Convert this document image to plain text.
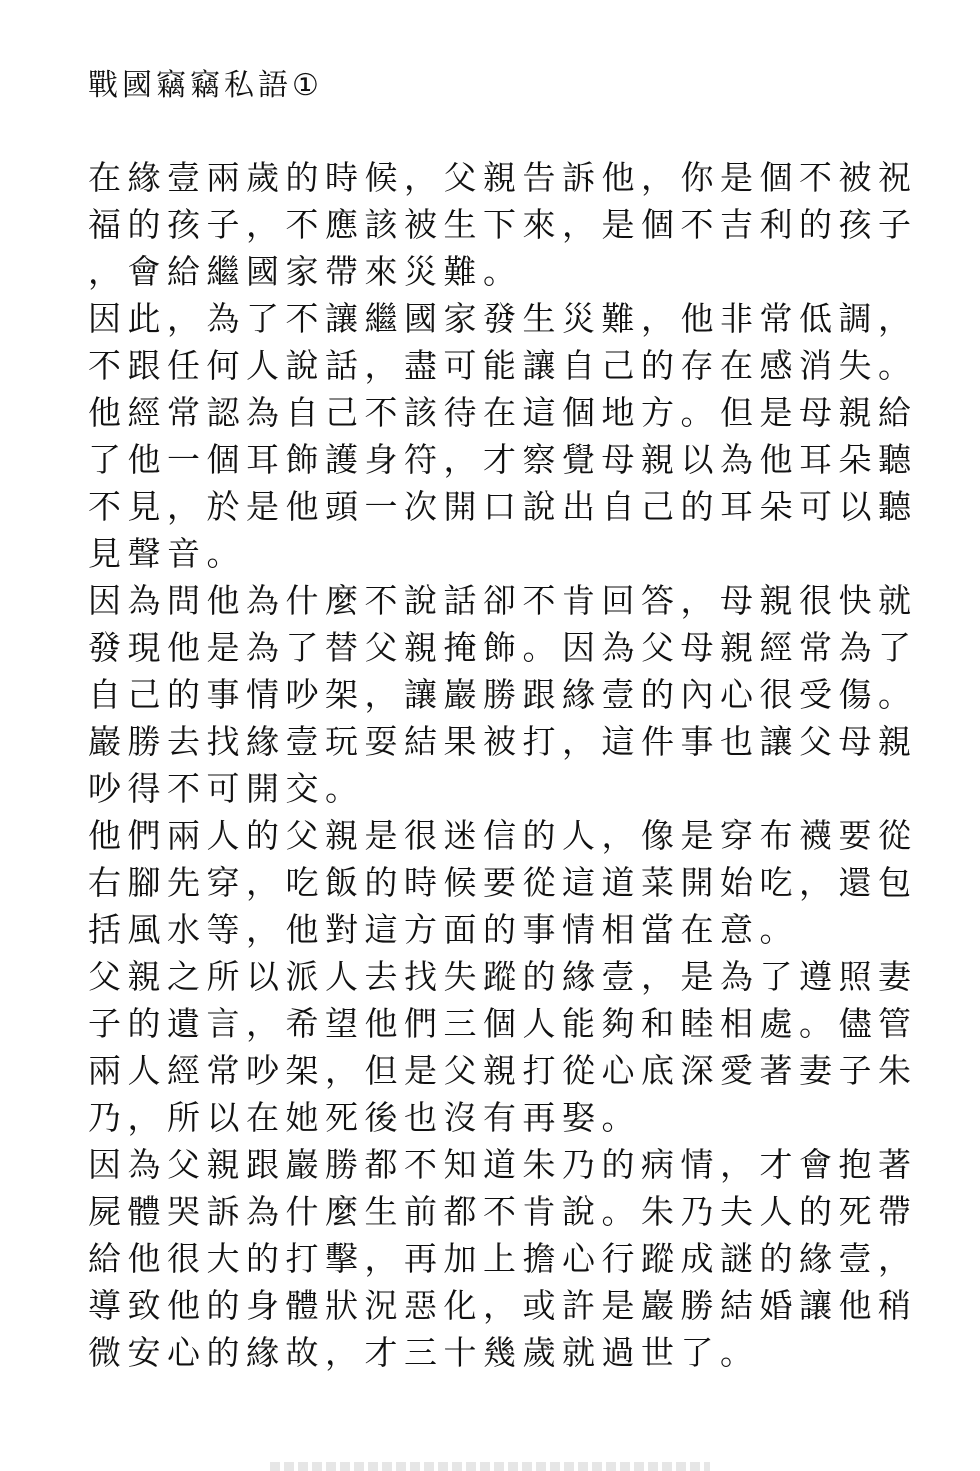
戰國竊竊私語①
在緣壹兩歲的時候，父親告訴他，你是個不被祝
福的孩子，不應該被生下來，是個不吉利的孩子
，會給繼國家帶來災難。
因此，為了不讓繼國家發生災難，他非常低調，
不跟任何人說話，盡可能讓自己的存在感消失。
他經常認為自己不該待在這個地方。但是母親給
了他一個耳飾護身符，才察覺母親以為他耳朵聽
不見，於是他頭一次開口說出自己的耳朵可以聽
見聲音。
因為問他為什麼不說話卻不肯回答，母親很快就
發現他是為了替父親掩飾。因為父母親經常為了
自己的事情吵架，讓巖勝跟緣壹的內心很受傷。
巖勝去找緣壹玩耍結果被打，這件事也讓父母親
吵得不可開交。
他們兩人的父親是很迷信的人，像是穿布襪要從
右腳先穿，吃飯的時候要從這道菜開始吃，還包
括風水等，他對這方面的事情相當在意。
父親之所以派人去找失蹤的緣壹，是為了遵照妻
子的遺言，希望他們三個人能夠和睦相處。儘管
兩人經常吵架，但是父親打從心底深愛著妻子朱
乃，所以在她死後也沒有再娶。
因為父親跟巖勝都不知道朱乃的病情，才會抱著
屍體哭訴為什麼生前都不肯說。朱乃夫人的死帶
給他很大的打擊，再加上擔心行蹤成謎的緣壹，
導致他的身體狀況惡化，或許是巖勝結婚讓他稍
微安心的緣故，才三十幾歲就過世了。
